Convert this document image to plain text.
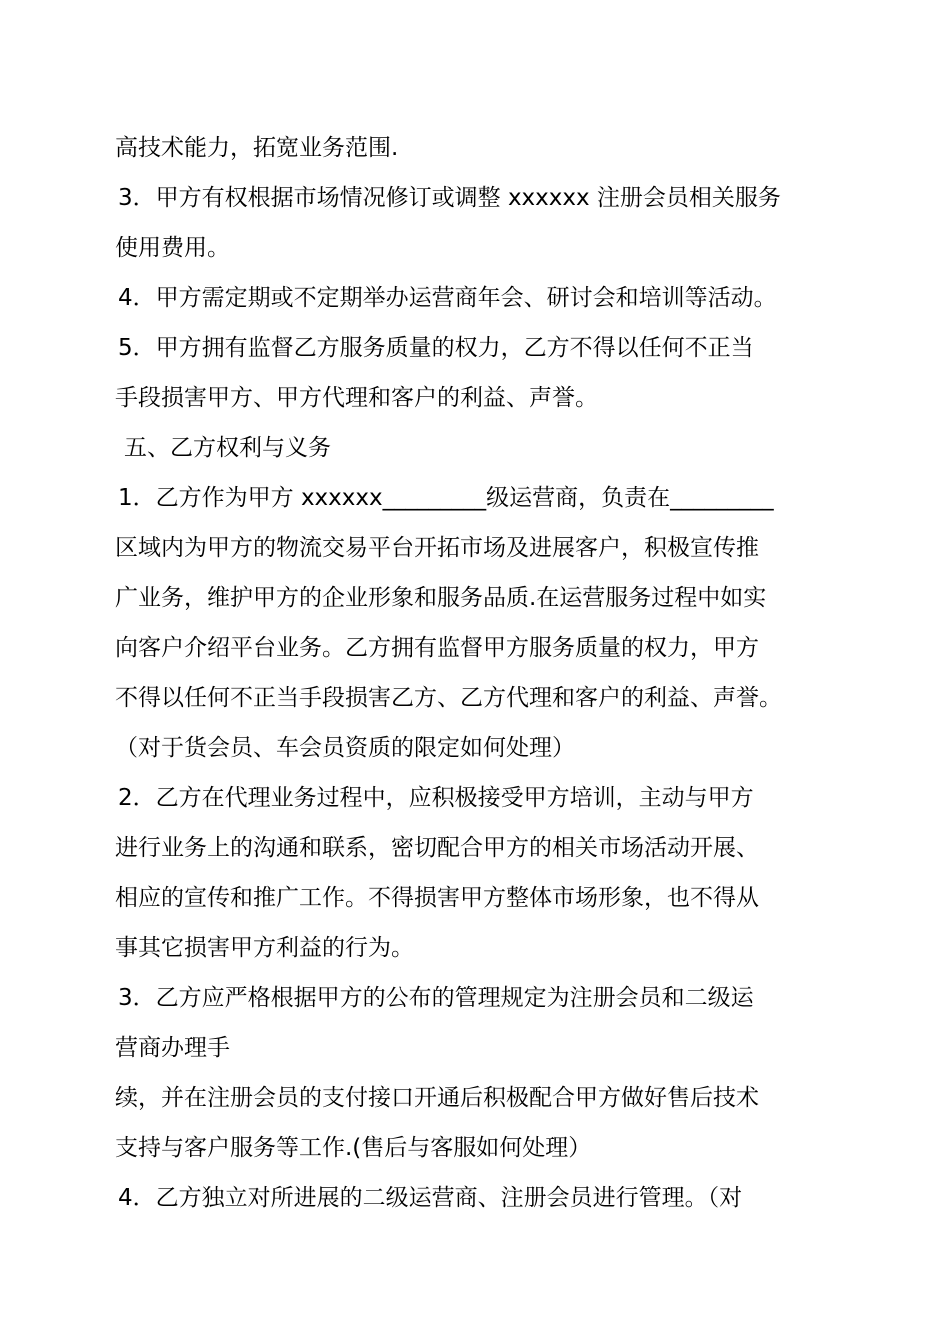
高技术能力，拓宽业务范围.
3．甲方有权根据市场情况修订或调整 xxxxxx 注册会员相关服务
使用费用。
4．甲方需定期或不定期举办运营商年会、研讨会和培训等活动。
5．甲方拥有监督乙方服务质量的权力，乙方不得以任何不正当
手段损害甲方、甲方代理和客户的利益、声誉。
五、乙方权利与义务
1．乙方作为甲方 xxxxxx_________级运营商，负责在_________
区域内为甲方的物流交易平台开拓市场及进展客户，积极宣传推
广业务，维护甲方的企业形象和服务品质.在运营服务过程中如实
向客户介绍平台业务。乙方拥有监督甲方服务质量的权力，甲方
不得以任何不正当手段损害乙方、乙方代理和客户的利益、声誉。
（对于货会员、车会员资质的限定如何处理）
2．乙方在代理业务过程中，应积极接受甲方培训，主动与甲方
进行业务上的沟通和联系，密切配合甲方的相关市场活动开展、
相应的宣传和推广工作。不得损害甲方整体市场形象，也不得从
事其它损害甲方利益的行为。
3．乙方应严格根据甲方的公布的管理规定为注册会员和二级运
营商办理手
续，并在注册会员的支付接口开通后积极配合甲方做好售后技术
支持与客户服务等工作.(售后与客服如何处理）
4．乙方独立对所进展的二级运营商、注册会员进行管理。（对
